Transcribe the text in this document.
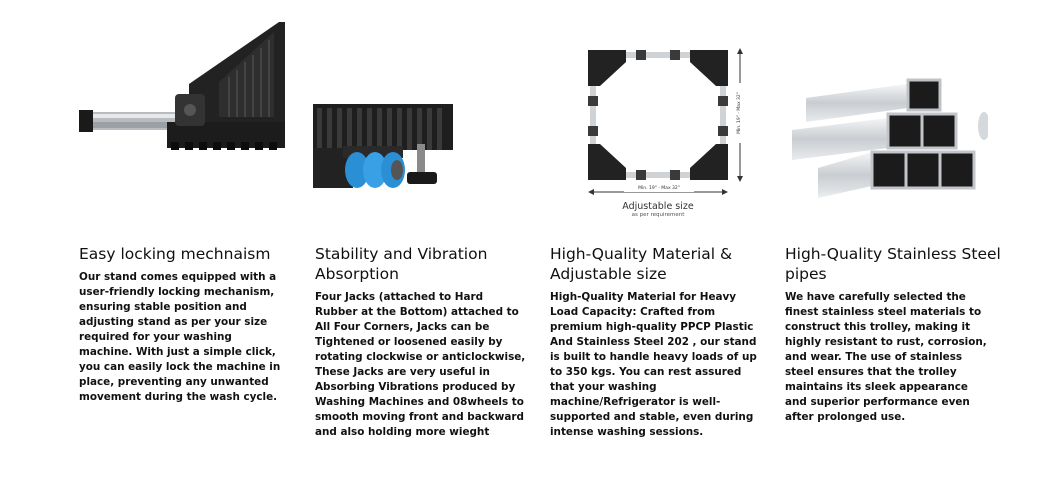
Easy locking mechnaism

Our stand comes equipped with a user-friendly locking mechanism, ensuring stable position and adjusting stand as per your size required for your washing machine. With just a simple click, you can easily lock the machine in place, preventing any unwanted movement during the wash cycle.

Stability and Vibration Absorption

Four Jacks (attached to Hard Rubber at the Bottom) attached to All Four Corners, Jacks can be Tightened or loosened easily by rotating clockwise or anticlockwise, These Jacks are very useful in Absorbing Vibrations produced by Washing Machines and 08wheels to smooth moving front and backward and also holding more wieght

Min. 19" - Max 32"
Min. 19" - Max 32"
Adjustable size
as per requirement
High-Quality Material & Adjustable size

High-Quality Material for Heavy Load Capacity: Crafted from premium high-quality PPCP Plastic And Stainless Steel 202 , our stand is built to handle heavy loads of up to 350 kgs. You can rest assured that your washing machine/Refrigerator is well-supported and stable, even during intense washing sessions.

High-Quality Stainless Steel pipes

We have carefully selected the finest stainless steel materials to construct this trolley, making it highly resistant to rust, corrosion, and wear. The use of stainless steel ensures that the trolley maintains its sleek appearance and superior performance even after prolonged use.
